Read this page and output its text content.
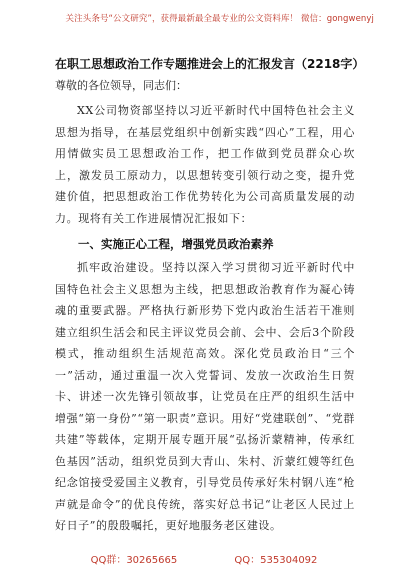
关注头条号“公文研究”，获得最新最全最专业的公文资料库！ 微信：gongwenyj
在职工思想政治工作专题推进会上的汇报发言（2218字）
尊敬的各位领导，同志们：

XX公司物资部坚持以习近平新时代中国特色社会主义思想为指导，在基层党组织中创新实践“四心”工程，用心用情做实员工思想政治工作，把工作做到党员群众心坎上，激发员工原动力，以思想转变引领行动之变，提升党建价值，把思想政治工作优势转化为公司高质量发展的动力。现将有关工作进展情况汇报如下：

一、实施正心工程，增强党员政治素养

抓牢政治建设。坚持以深入学习贯彻习近平新时代中国特色社会主义思想为主线，把思想政治教育作为凝心铸魂的重要武器。严格执行新形势下党内政治生活若干准则建立组织生活会和民主评议党员会前、会中、会后3个阶段模式，推动组织生活规范高效。深化党员政治日“三个一”活动，通过重温一次入党誓词、发放一次政治生日贺卡、讲述一次先锋引领故事，让党员在庄严的组织生活中增强“第一身份”“第一职责”意识。用好“党建联创”、“党群共建”等载体，定期开展专题开展“弘扬沂蒙精神，传承红色基因”活动，组织党员到大青山、朱村、沂蒙红嫂等红色纪念馆接受爱国主义教育，引导党员传承好朱村钢八连“枪声就是命令”的优良传统，落实好总书记“让老区人民过上好日子”的殷殷嘱托，更好地服务老区建设。

QQ群：30265665	QQ：535304092
